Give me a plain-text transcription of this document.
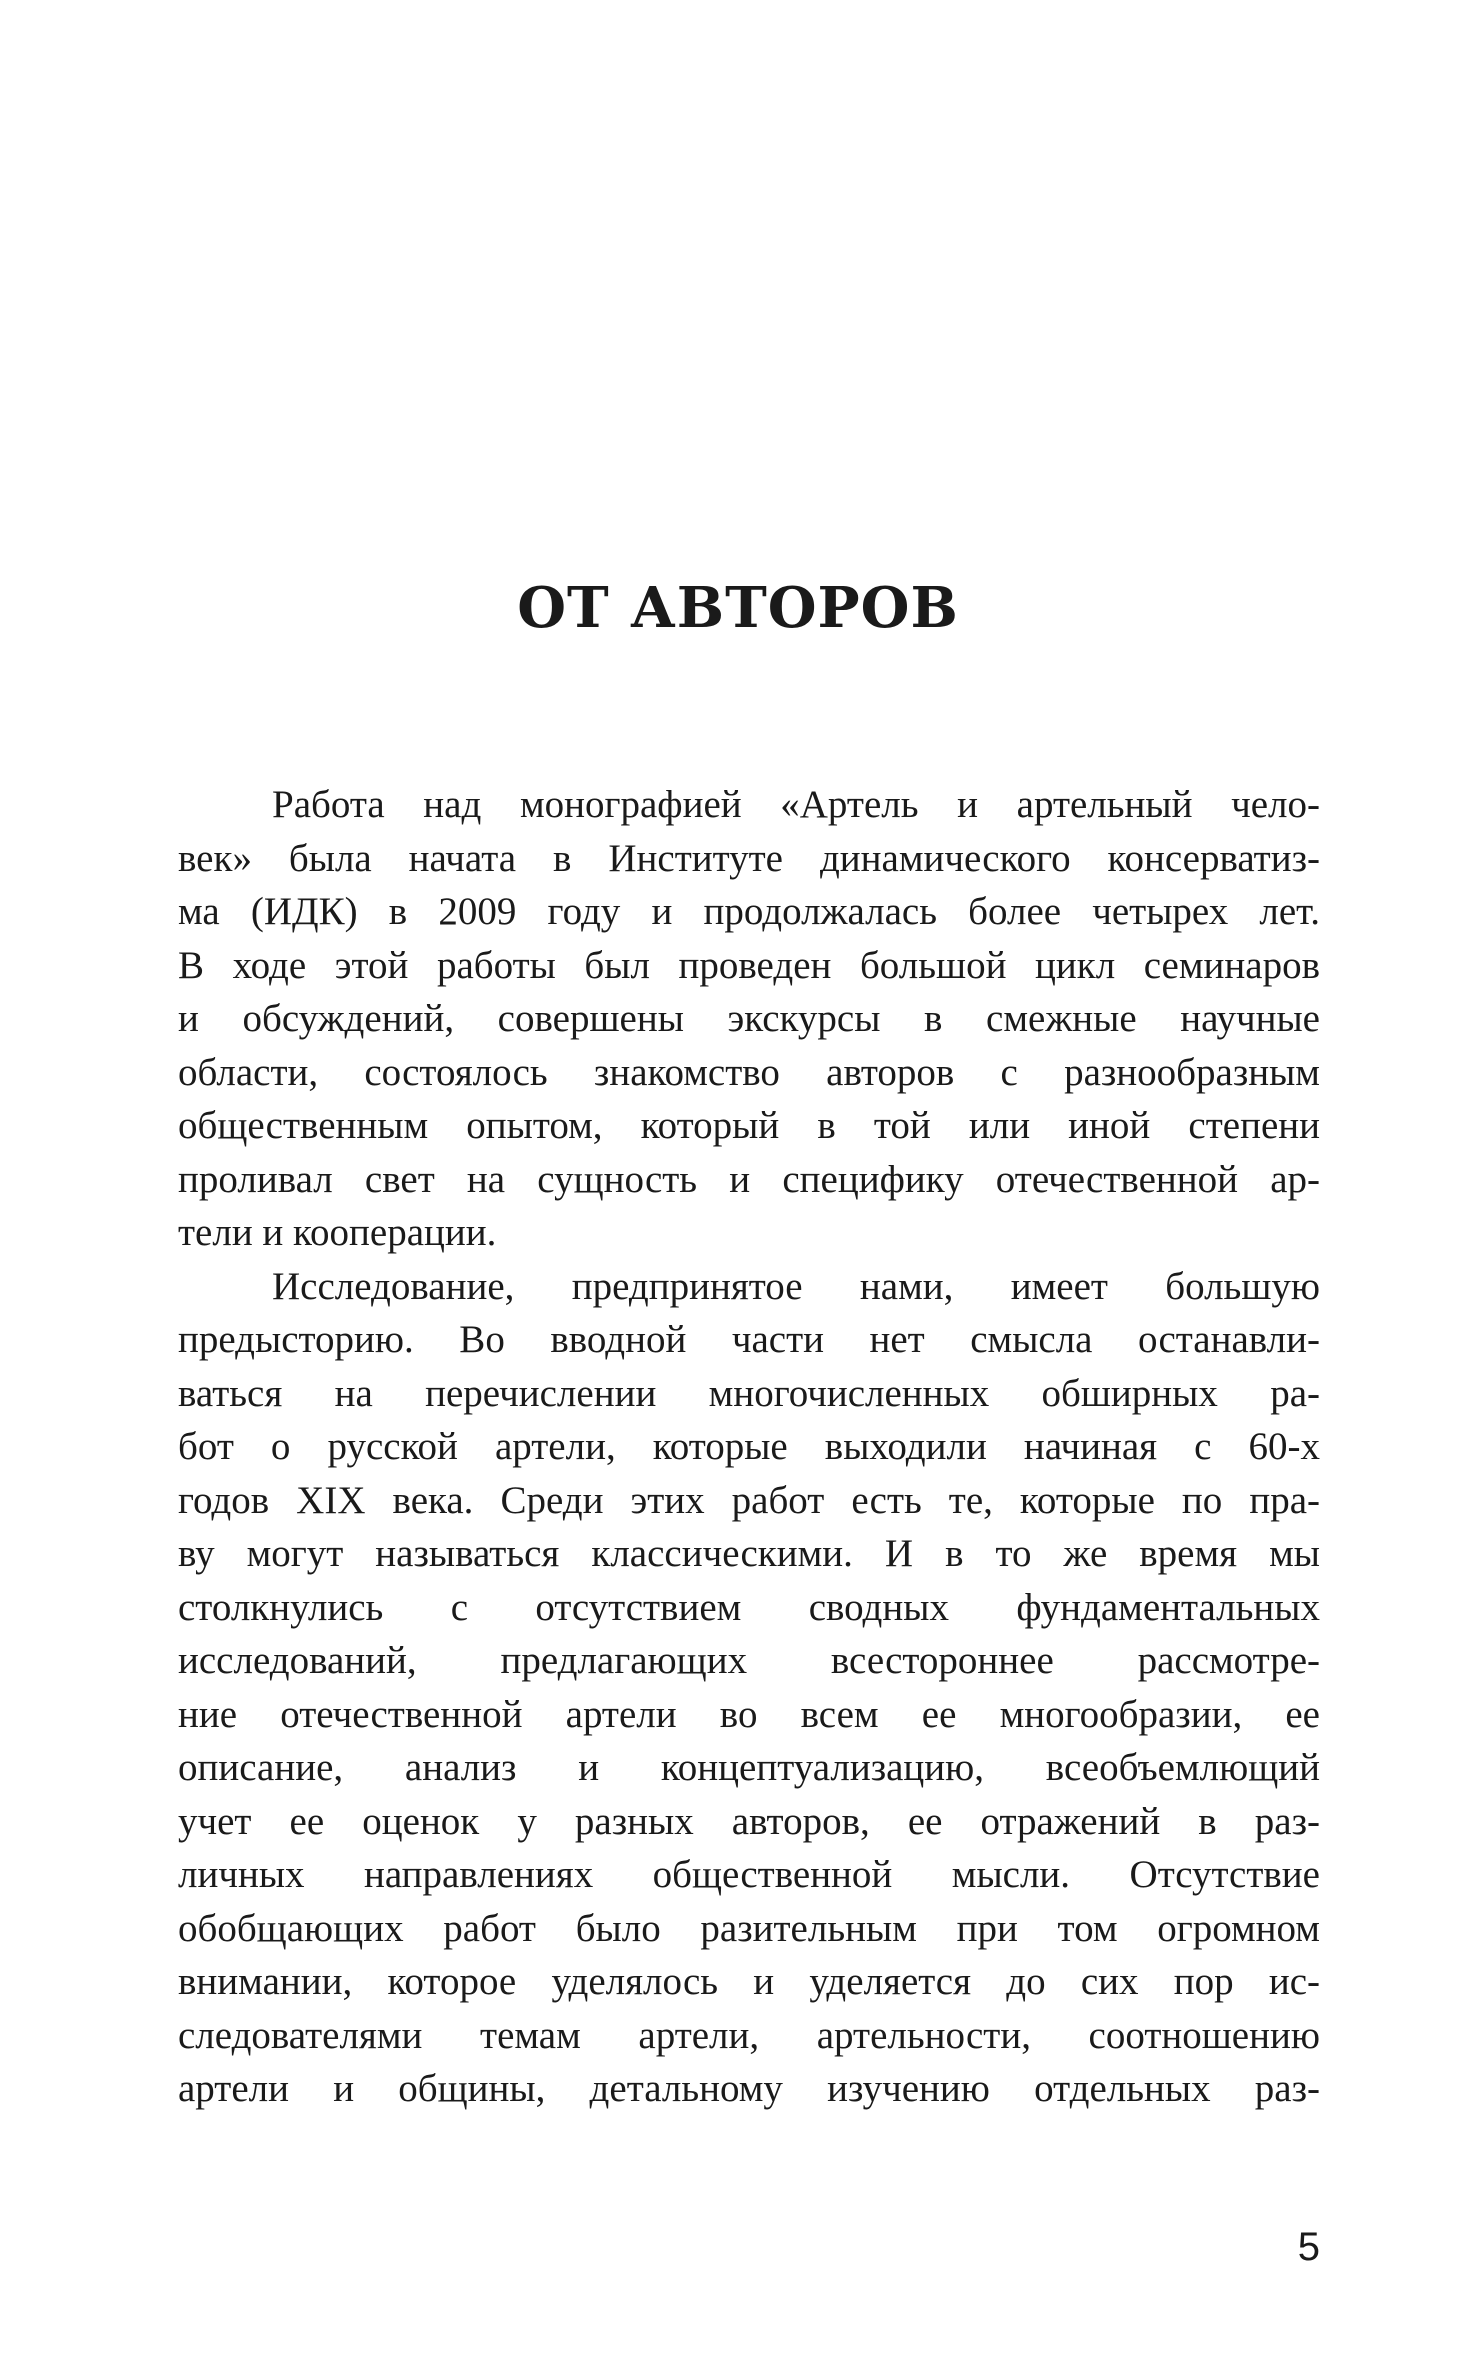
ОТ АВТОРОВ
Работа над монографией «Артель и артельный чело-
век» была начата в Институте динамического консерватиз-
ма (ИДК) в 2009 году и продолжалась более четырех лет.
В ходе этой работы был проведен большой цикл семинаров
и обсуждений, совершены экскурсы в смежные научные
области, состоялось знакомство авторов с разнообразным
общественным опытом, который в той или иной степени
проливал свет на сущность и специфику отечественной ар-
тели и кооперации.
Исследование, предпринятое нами, имеет большую
предысторию. Во вводной части нет смысла останавли-
ваться на перечислении многочисленных обширных ра-
бот о русской артели, которые выходили начиная с 60-х
годов XIX века. Среди этих работ есть те, которые по пра-
ву могут называться классическими. И в то же время мы
столкнулись с отсутствием сводных фундаментальных
исследований, предлагающих всестороннее рассмотре-
ние отечественной артели во всем ее многообразии, ее
описание, анализ и концептуализацию, всеобъемлющий
учет ее оценок у разных авторов, ее отражений в раз-
личных направлениях общественной мысли. Отсутствие
обобщающих работ было разительным при том огромном
внимании, которое уделялось и уделяется до сих пор ис-
следователями темам артели, артельности, соотношению
артели и общины, детальному изучению отдельных раз-
5
